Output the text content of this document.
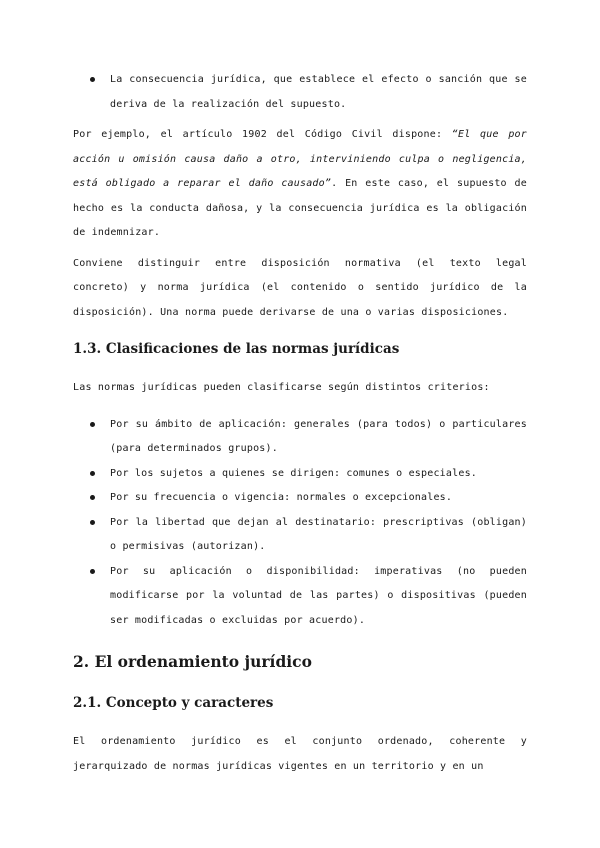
La consecuencia jurídica, que establece el efecto o sanción que se deriva de la realización del supuesto.

Por ejemplo, el artículo 1902 del Código Civil dispone: “El que por acción u omisión causa daño a otro, interviniendo culpa o negligencia, está obligado a reparar el daño causado”. En este caso, el supuesto de hecho es la conducta dañosa, y la consecuencia jurídica es la obligación de indemnizar.

Conviene distinguir entre disposición normativa (el texto legal concreto) y norma jurídica (el contenido o sentido jurídico de la disposición). Una norma puede derivarse de una o varias disposiciones.

1.3. Clasificaciones de las normas jurídicas

Las normas jurídicas pueden clasificarse según distintos criterios:

Por su ámbito de aplicación: generales (para todos) o particulares (para determinados grupos).
Por los sujetos a quienes se dirigen: comunes o especiales.
Por su frecuencia o vigencia: normales o excepcionales.
Por la libertad que dejan al destinatario: prescriptivas (obligan) o permisivas (autorizan).
Por su aplicación o disponibilidad: imperativas (no pueden modificarse por la voluntad de las partes) o dispositivas (pueden ser modificadas o excluidas por acuerdo).
2. El ordenamiento jurídico
2.1. Concepto y caracteres

El ordenamiento jurídico es el conjunto ordenado, coherente y jerarquizado de normas jurídicas vigentes en un territorio y en un
